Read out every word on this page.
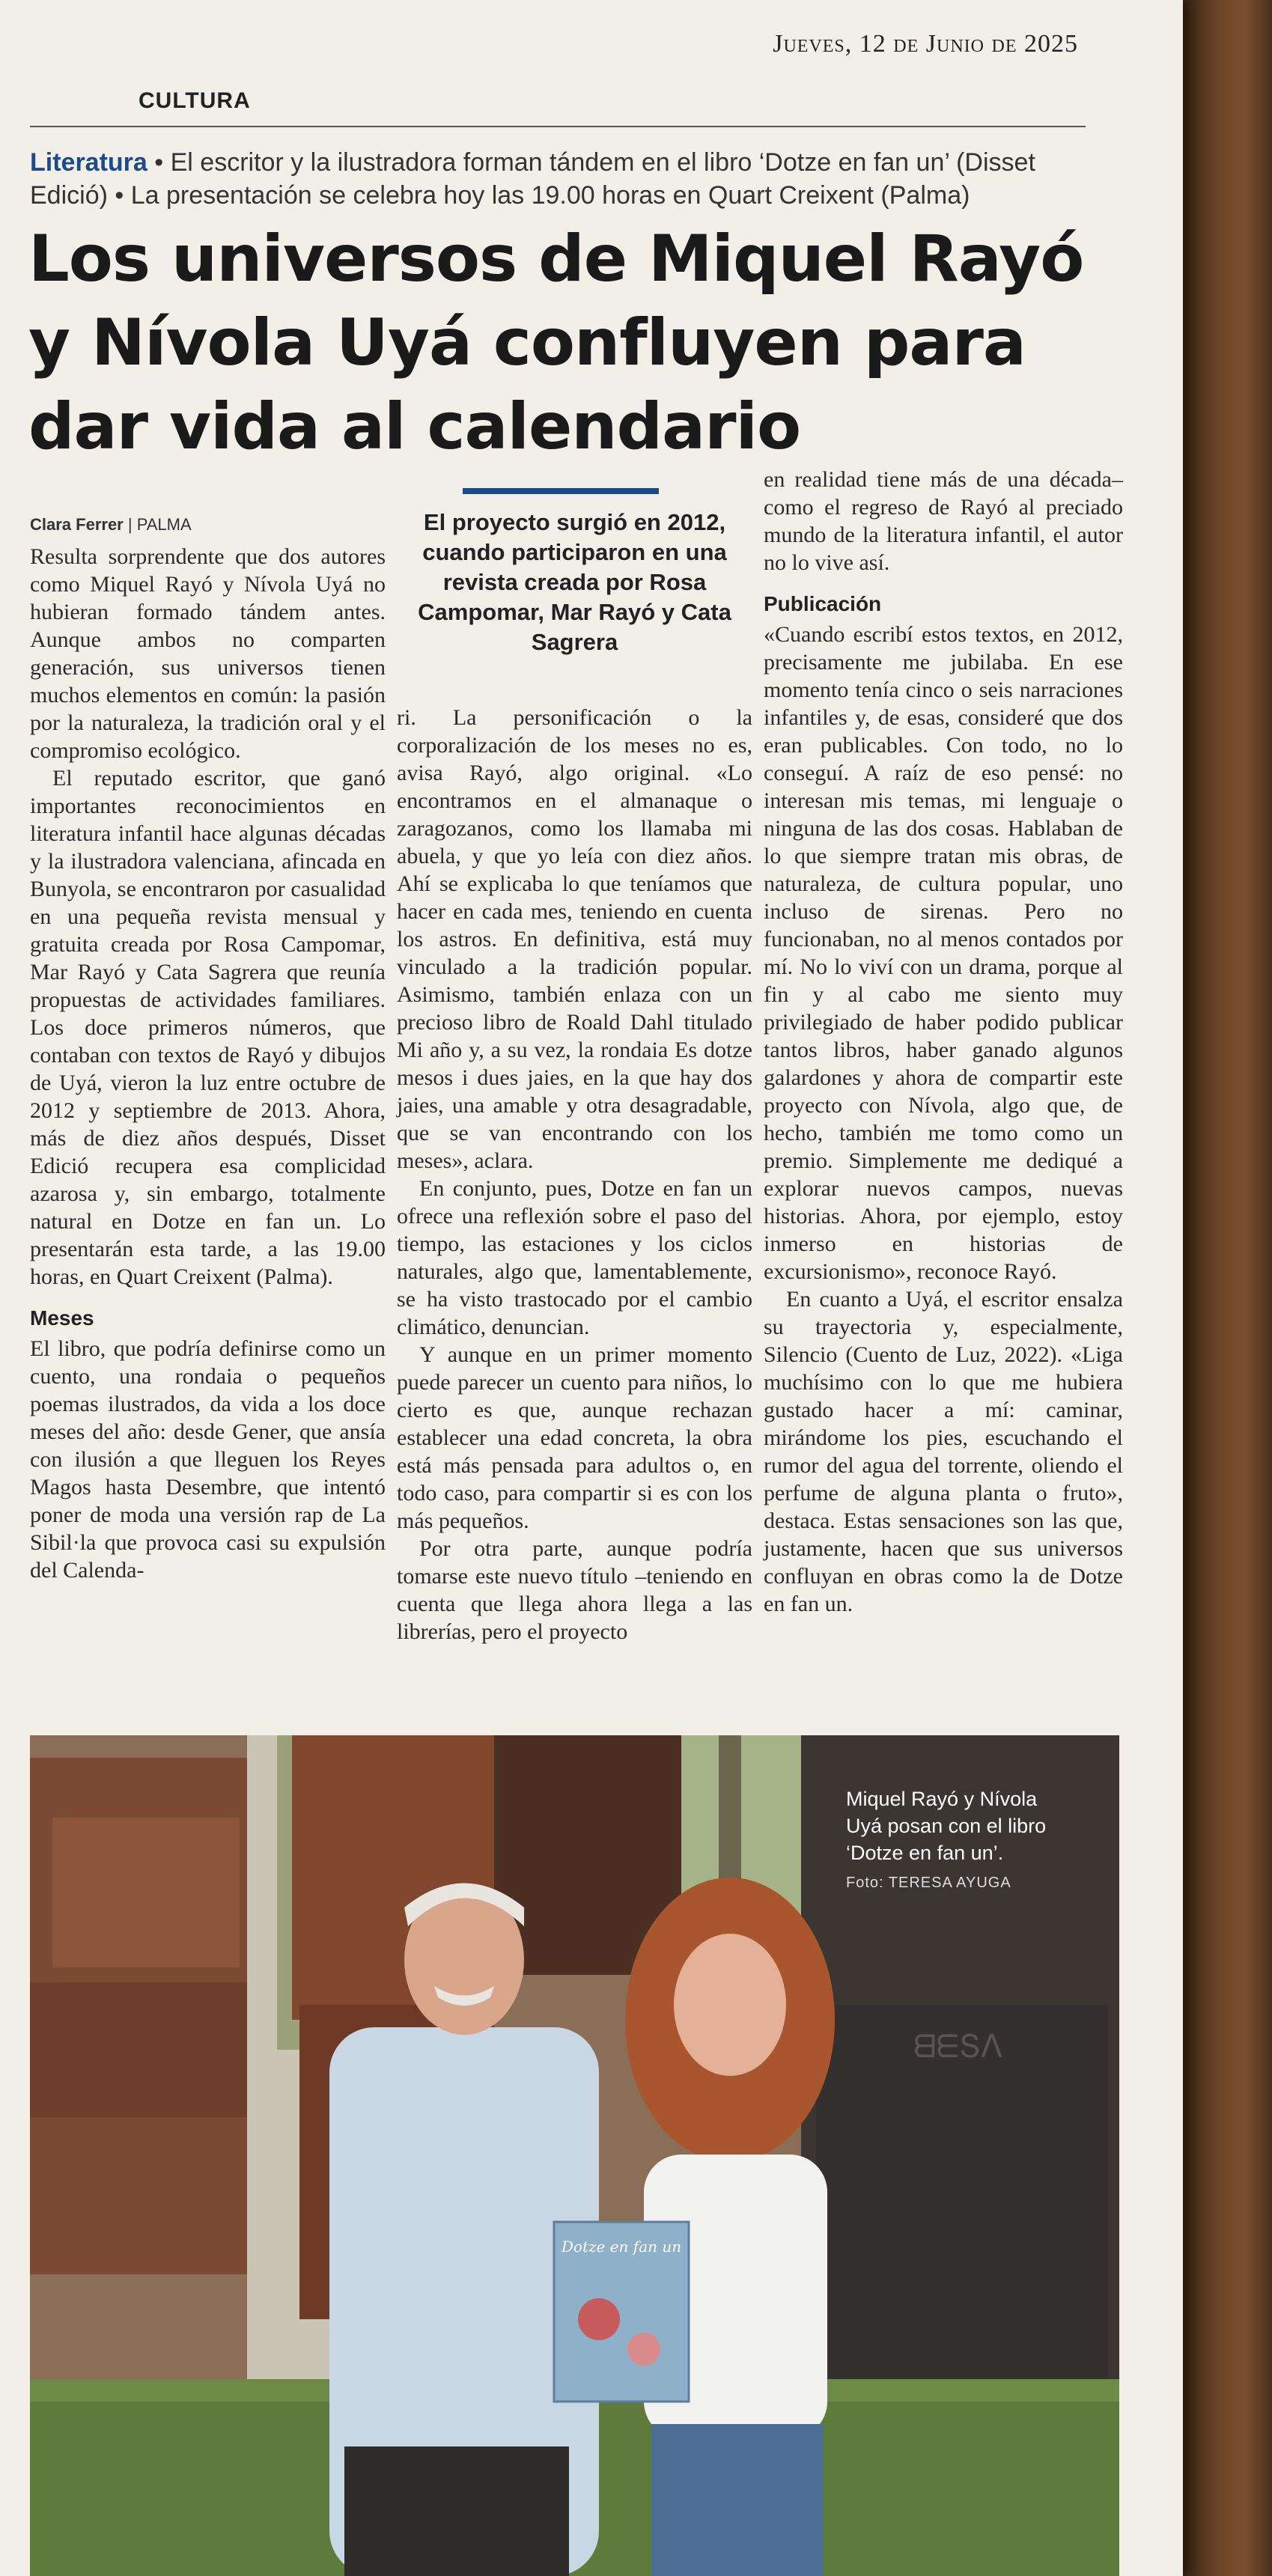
Jueves, 12 de Junio de 2025
CULTURA
Literatura • El escritor y la ilustradora forman tándem en el libro ‘Dotze en fan un’ (Disset Edició) • La presentación se celebra hoy las 19.00 horas en Quart Creixent (Palma)
Los universos de Miquel Rayó y Nívola Uyá confluyen para dar vida al calendario
Clara Ferrer | PALMA

Resulta sorprendente que dos autores como Miquel Rayó y Nívola Uyá no hubieran formado tándem antes. Aunque ambos no comparten generación, sus universos tienen muchos elementos en común: la pasión por la naturaleza, la tradición oral y el compromiso ecológico.

El reputado escritor, que ganó importantes reconocimientos en literatura infantil hace algunas décadas y la ilustradora valenciana, afincada en Bunyola, se encontraron por casualidad en una pequeña revista mensual y gratuita creada por Rosa Campomar, Mar Rayó y Cata Sagrera que reunía propuestas de actividades familiares. Los doce primeros números, que contaban con textos de Rayó y dibujos de Uyá, vieron la luz entre octubre de 2012 y septiembre de 2013. Ahora, más de diez años después, Disset Edició recupera esa complicidad azarosa y, sin embargo, totalmente natural en Dotze en fan un. Lo presentarán esta tarde, a las 19.00 horas, en Quart Creixent (Palma).

Meses

El libro, que podría definirse como un cuento, una rondaia o pequeños poemas ilustrados, da vida a los doce meses del año: desde Gener, que ansía con ilusión a que lleguen los Reyes Magos hasta Desembre, que intentó poner de moda una versión rap de La Sibil·la que provoca casi su expulsión del Calenda-

El proyecto surgió en 2012, cuando participaron en una revista creada por Rosa Campomar, Mar Rayó y Cata Sagrera

ri. La personificación o la corporalización de los meses no es, avisa Rayó, algo original. «Lo encontramos en el almanaque o zaragozanos, como los llamaba mi abuela, y que yo leía con diez años. Ahí se explicaba lo que teníamos que hacer en cada mes, teniendo en cuenta los astros. En definitiva, está muy vinculado a la tradición popular. Asimismo, también enlaza con un precioso libro de Roald Dahl titulado Mi año y, a su vez, la rondaia Es dotze mesos i dues jaies, en la que hay dos jaies, una amable y otra desagradable, que se van encontrando con los meses», aclara.

En conjunto, pues, Dotze en fan un ofrece una reflexión sobre el paso del tiempo, las estaciones y los ciclos naturales, algo que, lamentablemente, se ha visto trastocado por el cambio climático, denuncian.

Y aunque en un primer momento puede parecer un cuento para niños, lo cierto es que, aunque rechazan establecer una edad concreta, la obra está más pensada para adultos o, en todo caso, para compartir si es con los más pequeños.

Por otra parte, aunque podría tomarse este nuevo título –teniendo en cuenta que llega ahora llega a las librerías, pero el proyecto

en realidad tiene más de una década– como el regreso de Rayó al preciado mundo de la literatura infantil, el autor no lo vive así.

Publicación

«Cuando escribí estos textos, en 2012, precisamente me jubilaba. En ese momento tenía cinco o seis narraciones infantiles y, de esas, consideré que dos eran publicables. Con todo, no lo conseguí. A raíz de eso pensé: no interesan mis temas, mi lenguaje o ninguna de las dos cosas. Hablaban de lo que siempre tratan mis obras, de naturaleza, de cultura popular, uno incluso de sirenas. Pero no funcionaban, no al menos contados por mí. No lo viví con un drama, porque al fin y al cabo me siento muy privilegiado de haber podido publicar tantos libros, haber ganado algunos galardones y ahora de compartir este proyecto con Nívola, algo que, de hecho, también me tomo como un premio. Simplemente me dediqué a explorar nuevos campos, nuevas historias. Ahora, por ejemplo, estoy inmerso en historias de excursionismo», reconoce Rayó.

En cuanto a Uyá, el escritor ensalza su trayectoria y, especialmente, Silencio (Cuento de Luz, 2022). «Liga muchísimo con lo que me hubiera gustado hacer a mí: caminar, mirándome los pies, escuchando el rumor del agua del torrente, oliendo el perfume de alguna planta o fruto», destaca. Estas sensaciones son las que, justamente, hacen que sus universos confluyan en obras como la de Dotze en fan un.

ᗺᗴՏᐱ
Dotze en fan un
Miquel Rayó y Nívola Uyá posan con el libro ‘Dotze en fan un’.
Foto: TERESA AYUGA
